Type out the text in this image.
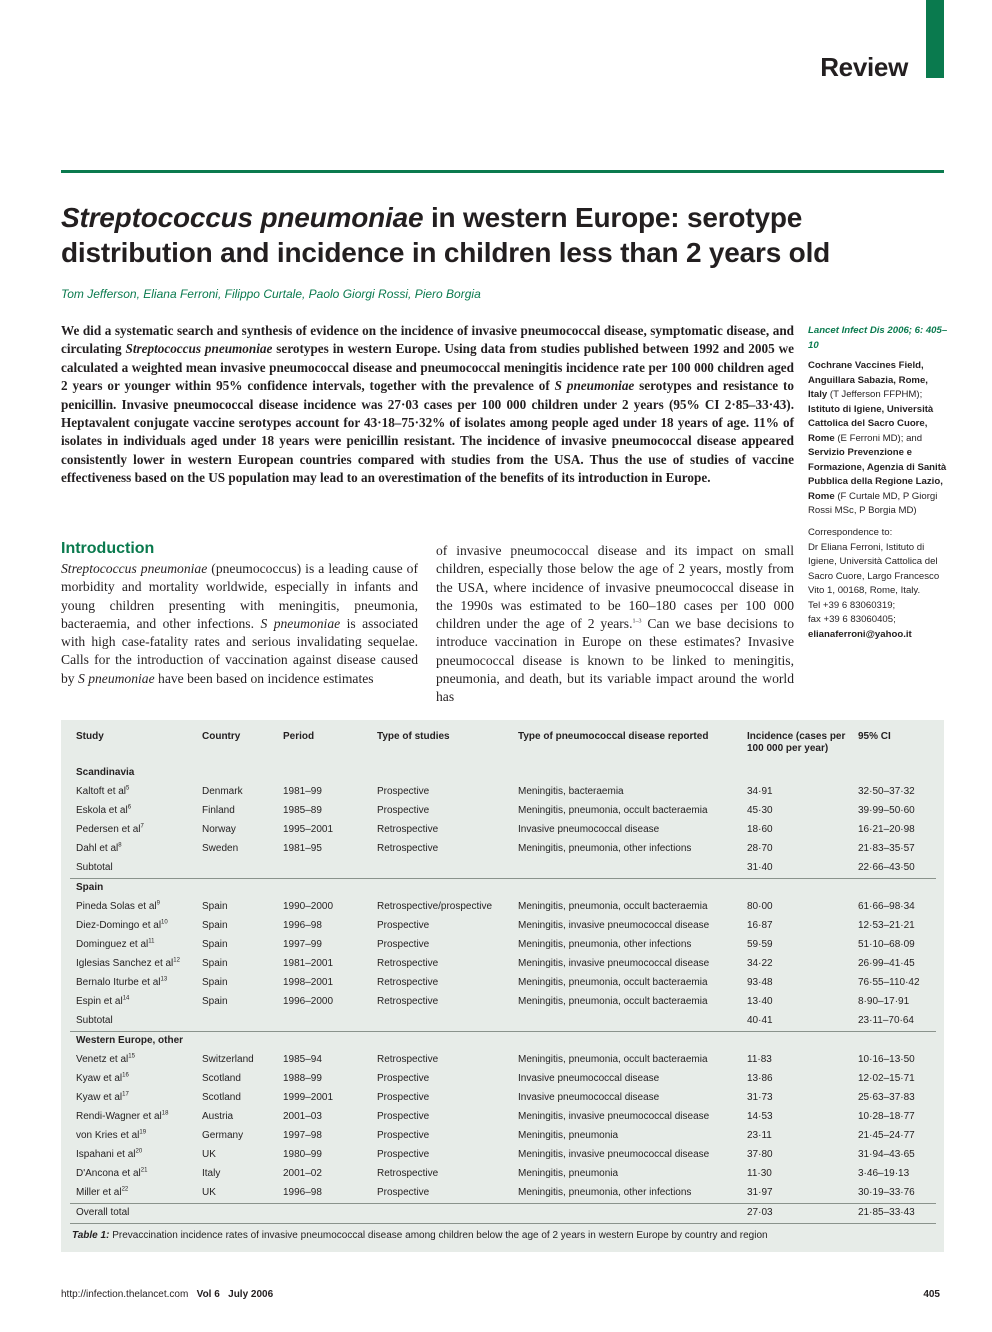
Review
Streptococcus pneumoniae in western Europe: serotype distribution and incidence in children less than 2 years old
Tom Jefferson, Eliana Ferroni, Filippo Curtale, Paolo Giorgi Rossi, Piero Borgia

We did a systematic search and synthesis of evidence on the incidence of invasive pneumococcal disease, symptomatic disease, and circulating Streptococcus pneumoniae serotypes in western Europe. Using data from studies published between 1992 and 2005 we calculated a weighted mean invasive pneumococcal disease and pneumococcal meningitis incidence rate per 100 000 children aged 2 years or younger within 95% confidence intervals, together with the prevalence of S pneumoniae serotypes and resistance to penicillin. Invasive pneumococcal disease incidence was 27·03 cases per 100 000 children under 2 years (95% CI 2·85–33·43). Heptavalent conjugate vaccine serotypes account for 43·18–75·32% of isolates among people aged under 18 years of age. 11% of isolates in individuals aged under 18 years were penicillin resistant. The incidence of invasive pneumococcal disease appeared consistently lower in western European countries compared with studies from the USA. Thus the use of studies of vaccine effectiveness based on the US population may lead to an overestimation of the benefits of its introduction in Europe.

Lancet Infect Dis 2006; 6: 405–10

Cochrane Vaccines Field, Anguillara Sabazia, Rome, Italy (T Jefferson FFPHM); Istituto di Igiene, Università Cattolica del Sacro Cuore, Rome (E Ferroni MD); and Servizio Prevenzione e Formazione, Agenzia di Sanità Pubblica della Regione Lazio, Rome (F Curtale MD, P Giorgi Rossi MSc, P Borgia MD)

Correspondence to:

Dr Eliana Ferroni, Istituto di Igiene, Università Cattolica del Sacro Cuore, Largo Francesco Vito 1, 00168, Rome, Italy.

Tel +39 6 83060319;

fax +39 6 83060405;

elianaferroni@yahoo.it

Introduction

Streptococcus pneumoniae (pneumococcus) is a leading cause of morbidity and mortality worldwide, especially in infants and young children presenting with meningitis, pneumonia, bacteraemia, and other infections. S pneumoniae is associated with high case-fatality rates and serious invalidating sequelae. Calls for the introduction of vaccination against disease caused by S pneumoniae have been based on incidence estimates

of invasive pneumococcal disease and its impact on small children, especially those below the age of 2 years, mostly from the USA, where incidence of invasive pneumococcal disease in the 1990s was estimated to be 160–180 cases per 100 000 children under the age of 2 years.$^{1-3}$ Can we base decisions to introduce vaccination in Europe on these estimates? Invasive pneumococcal disease is known to be linked to meningitis, pneumonia, and death, but its variable impact around the world has

Study	Country	Period	Type of studies	Type of pneumococcal disease reported	Incidence (cases per 100 000 per year)	95% CI
Scandinavia						
Kaltoft et $al^5$	Denmark	1981–99	Prospective	Meningitis, bacteraemia	34·91	32·50–37·32
Eskola et $al^6$	Finland	1985–89	Prospective	Meningitis, pneumonia, occult bacteraemia	45·30	39·99–50·60
Pedersen et $al^7$	Norway	1995–2001	Retrospective	Invasive pneumococcal disease	18·60	16·21–20·98
Dahl et $al^8$	Sweden	1981–95	Retrospective	Meningitis, pneumonia, other infections	28·70	21·83–35·57
Subtotal					31·40	22·66–43·50
Spain						
Pineda Solas et $al^9$	Spain	1990–2000	Retrospective/prospective	Meningitis, pneumonia, occult bacteraemia	80·00	61·66–98·34
Diez-Domingo et $al^{10}$	Spain	1996–98	Prospective	Meningitis, invasive pneumococcal disease	16·87	12·53–21·21
Dominguez et $al^{11}$	Spain	1997–99	Prospective	Meningitis, pneumonia, other infections	59·59	51·10–68·09
Iglesias Sanchez et $al^{12}$	Spain	1981–2001	Retrospective	Meningitis, invasive pneumococcal disease	34·22	26·99–41·45
Bernalo Iturbe et $al^{13}$	Spain	1998–2001	Retrospective	Meningitis, pneumonia, occult bacteraemia	93·48	76·55–110·42
Espin et $al^{14}$	Spain	1996–2000	Retrospective	Meningitis, pneumonia, occult bacteraemia	13·40	8·90–17·91
Subtotal					40·41	23·11–70·64
Western Europe, other						
Venetz et $al^{15}$	Switzerland	1985–94	Retrospective	Meningitis, pneumonia, occult bacteraemia	11·83	10·16–13·50
Kyaw et $al^{16}$	Scotland	1988–99	Prospective	Invasive pneumococcal disease	13·86	12·02–15·71
Kyaw et $al^{17}$	Scotland	1999–2001	Prospective	Invasive pneumococcal disease	31·73	25·63–37·83
Rendi-Wagner et $al^{18}$	Austria	2001–03	Prospective	Meningitis, invasive pneumococcal disease	14·53	10·28–18·77
von Kries et $al^{19}$	Germany	1997–98	Prospective	Meningitis, pneumonia	23·11	21·45–24·77
Ispahani et $al^{20}$	UK	1980–99	Prospective	Meningitis, invasive pneumococcal disease	37·80	31·94–43·65
D'Ancona et $al^{21}$	Italy	2001–02	Retrospective	Meningitis, pneumonia	11·30	3·46–19·13
Miller et $al^{22}$	UK	1996–98	Prospective	Meningitis, pneumonia, other infections	31·97	30·19–33·76
Overall total					27·03	21·85–33·43
Table 1: Prevaccination incidence rates of invasive pneumococcal disease among children below the age of 2 years in western Europe by country and region
http://infection.thelancet.com Vol 6   July 2006	405
